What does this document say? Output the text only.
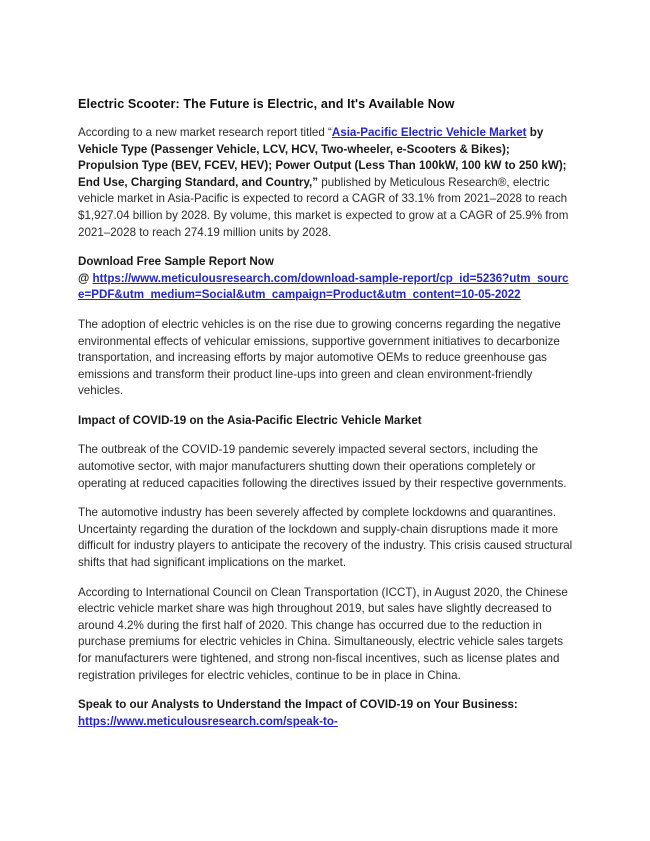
Electric Scooter: The Future is Electric, and It's Available Now

According to a new market research report titled “Asia-Pacific Electric Vehicle Market by Vehicle Type (Passenger Vehicle, LCV, HCV, Two-wheeler, e-Scooters & Bikes); Propulsion Type (BEV, FCEV, HEV); Power Output (Less Than 100kW, 100 kW to 250 kW); End Use, Charging Standard, and Country,” published by Meticulous Research®, electric vehicle market in Asia-Pacific is expected to record a CAGR of 33.1% from 2021–2028 to reach $1,927.04 billion by 2028. By volume, this market is expected to grow at a CAGR of 25.9% from 2021–2028 to reach 274.19 million units by 2028.

Download Free Sample Report Now
@ https://www.meticulousresearch.com/download-sample-report/cp_id=5236?utm_source=PDF&utm_medium=Social&utm_campaign=Product&utm_content=10-05-2022

The adoption of electric vehicles is on the rise due to growing concerns regarding the negative environmental effects of vehicular emissions, supportive government initiatives to decarbonize transportation, and increasing efforts by major automotive OEMs to reduce greenhouse gas emissions and transform their product line-ups into green and clean environment-friendly vehicles.

Impact of COVID-19 on the Asia-Pacific Electric Vehicle Market

The outbreak of the COVID-19 pandemic severely impacted several sectors, including the automotive sector, with major manufacturers shutting down their operations completely or operating at reduced capacities following the directives issued by their respective governments.

The automotive industry has been severely affected by complete lockdowns and quarantines. Uncertainty regarding the duration of the lockdown and supply-chain disruptions made it more difficult for industry players to anticipate the recovery of the industry. This crisis caused structural shifts that had significant implications on the market.

According to International Council on Clean Transportation (ICCT), in August 2020, the Chinese electric vehicle market share was high throughout 2019, but sales have slightly decreased to around 4.2% during the first half of 2020. This change has occurred due to the reduction in purchase premiums for electric vehicles in China. Simultaneously, electric vehicle sales targets for manufacturers were tightened, and strong non-fiscal incentives, such as license plates and registration privileges for electric vehicles, continue to be in place in China.

Speak to our Analysts to Understand the Impact of COVID-19 on Your Business: https://www.meticulousresearch.com/speak-to-
